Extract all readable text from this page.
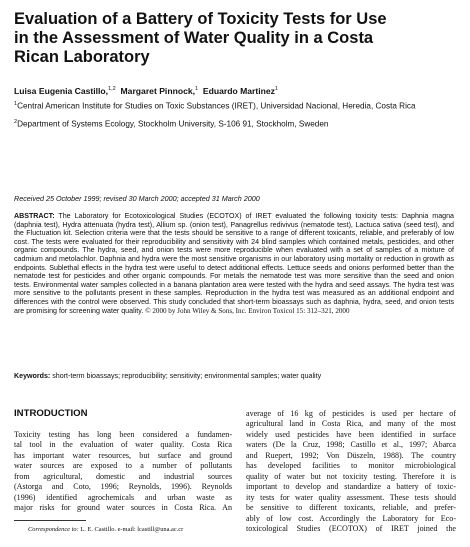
Evaluation of a Battery of Toxicity Tests for Use
in the Assessment of Water Quality in a Costa
Rican Laboratory
Luisa Eugenia Castillo,$^{1,2}$ Margaret Pinnock,$^1$ Eduardo Martinez$^1$
$^1$Central American Institute for Studies on Toxic Substances (IRET), Universidad Nacional, Heredia, Costa Rica
$^2$Department of Systems Ecology, Stockholm University, S-106 91, Stockholm, Sweden
Received 25 October 1999; revised 30 March 2000; accepted 31 March 2000

ABSTRACT: The Laboratory for Ecotoxicological Studies (ECOTOX) of IRET evaluated the following toxicity tests: Daphnia magna (daphnia test), Hydra attenuata (hydra test), Allium sp. (onion test), Panagrellus redivivus (nematode test), Lactuca sativa (seed test), and the Fluctuation kit. Selection criteria were that the tests should be sensitive to a range of different toxicants, reliable, and preferably of low cost. The tests were evaluated for their reproducibility and sensitivity with 24 blind samples which contained metals, pesticides, and other organic compounds. The hydra, seed, and onion tests were more reproducible when evaluated with a set of samples of a mixture of cadmium and metolachlor. Daphnia and hydra were the most sensitive organisms in our laboratory using mortality or reduction in growth as endpoints. Sublethal effects in the hydra test were useful to detect additional effects. Lettuce seeds and onions performed better than the nematode test for pesticides and other organic compounds. For metals the nematode test was more sensitive than the seed and onion tests. Environmental water samples collected in a banana plantation area were tested with the hydra and seed assays. The hydra test was more sensitive to the pollutants present in these samples. Reproduction in the hydra test was measured as an additional endpoint and differences with the control were observed. This study concluded that short-term bioassays such as daphnia, hydra, seed, and onion tests are promising for screening water quality. © 2000 by John Wiley & Sons, Inc. Environ Toxicol 15: 312–321, 2000

Keywords: short-term bioassays; reproducibility; sensitivity; environmental samples; water quality
INTRODUCTION
Toxicity testing has long been considered a fundamen-
tal tool in the evaluation of water quality. Costa Rica
has important water resources, but surface and ground
water sources are exposed to a number of pollutants
from agricultural, domestic and industrial sources
(Astorga and Coto, 1996; Reynolds, 1996). Reynolds
(1996) identified agrochemicals and urban waste as
major risks for ground water sources in Costa Rica. An
average of 16 kg of pesticides is used per hectare of
agricultural land in Costa Rica, and many of the most
widely used pesticides have been identified in surface
waters (De la Cruz, 1998; Castillo et al., 1997; Abarca
and Ruepert, 1992; Von Düszeln, 1988). The country
has developed facilities to monitor microbiological
quality of water but not toxicity testing. Therefore it is
important to develop and standardize a battery of toxic-
ity tests for water quality assessment. These tests should
be sensitive to different toxicants, reliable, and prefer-
ably of low cost. Accordingly the Laboratory for Eco-
toxicological Studies (ECOTOX) of IRET joined the
Correspondence to: L. E. Castillo. e-mail: lcastill@una.ac.cr
